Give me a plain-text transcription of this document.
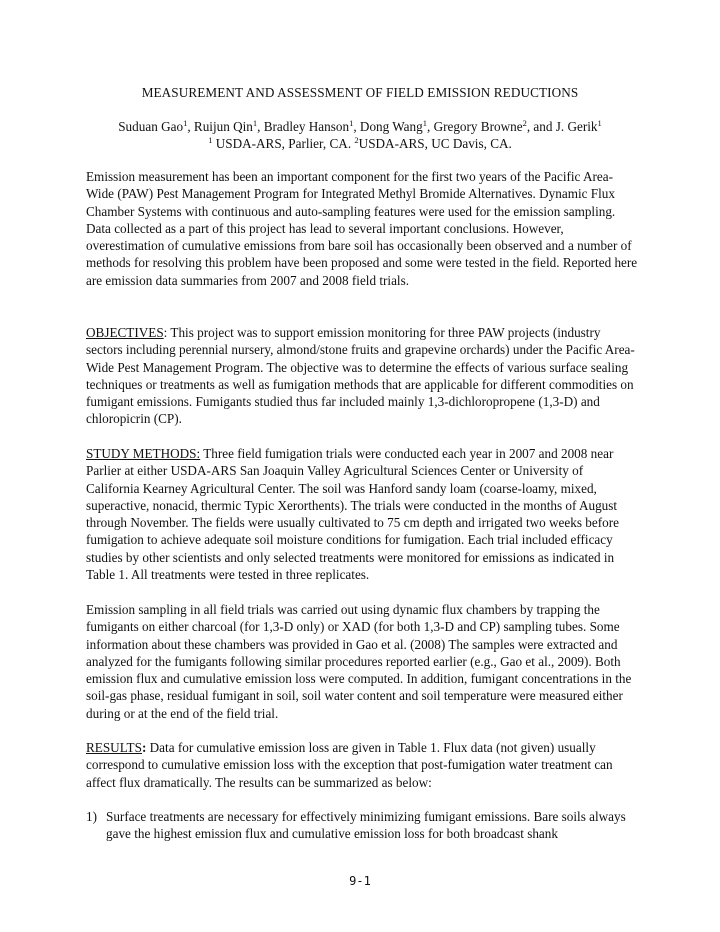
MEASUREMENT AND ASSESSMENT OF FIELD EMISSION REDUCTIONS
Suduan Gao$^1$, Ruijun Qin$^1$, Bradley Hanson$^1$, Dong Wang$^1$, Gregory Browne$^2$, and J. Gerik$^1$
$^1$ USDA-ARS, Parlier, CA. $^2$USDA-ARS, UC Davis, CA.

Emission measurement has been an important component for the first two years of the Pacific Area-Wide (PAW) Pest Management Program for Integrated Methyl Bromide Alternatives. Dynamic Flux Chamber Systems with continuous and auto-sampling features were used for the emission sampling. Data collected as a part of this project has lead to several important conclusions. However, overestimation of cumulative emissions from bare soil has occasionally been observed and a number of methods for resolving this problem have been proposed and some were tested in the field. Reported here are emission data summaries from 2007 and 2008 field trials.

OBJECTIVES: This project was to support emission monitoring for three PAW projects (industry sectors including perennial nursery, almond/stone fruits and grapevine orchards) under the Pacific Area-Wide Pest Management Program. The objective was to determine the effects of various surface sealing techniques or treatments as well as fumigation methods that are applicable for different commodities on fumigant emissions. Fumigants studied thus far included mainly 1,3-dichloropropene (1,3-D) and chloropicrin (CP).

STUDY METHODS: Three field fumigation trials were conducted each year in 2007 and 2008 near Parlier at either USDA-ARS San Joaquin Valley Agricultural Sciences Center or University of California Kearney Agricultural Center. The soil was Hanford sandy loam (coarse-loamy, mixed, superactive, nonacid, thermic Typic Xerorthents). The trials were conducted in the months of August through November. The fields were usually cultivated to 75 cm depth and irrigated two weeks before fumigation to achieve adequate soil moisture conditions for fumigation. Each trial included efficacy studies by other scientists and only selected treatments were monitored for emissions as indicated in Table 1. All treatments were tested in three replicates.

Emission sampling in all field trials was carried out using dynamic flux chambers by trapping the fumigants on either charcoal (for 1,3-D only) or XAD (for both 1,3-D and CP) sampling tubes. Some information about these chambers was provided in Gao et al. (2008) The samples were extracted and analyzed for the fumigants following similar procedures reported earlier (e.g., Gao et al., 2009). Both emission flux and cumulative emission loss were computed. In addition, fumigant concentrations in the soil-gas phase, residual fumigant in soil, soil water content and soil temperature were measured either during or at the end of the field trial.

RESULTS: Data for cumulative emission loss are given in Table 1. Flux data (not given) usually correspond to cumulative emission loss with the exception that post-fumigation water treatment can affect flux dramatically. The results can be summarized as below:

1) Surface treatments are necessary for effectively minimizing fumigant emissions. Bare soils always gave the highest emission flux and cumulative emission loss for both broadcast shank
9-1
